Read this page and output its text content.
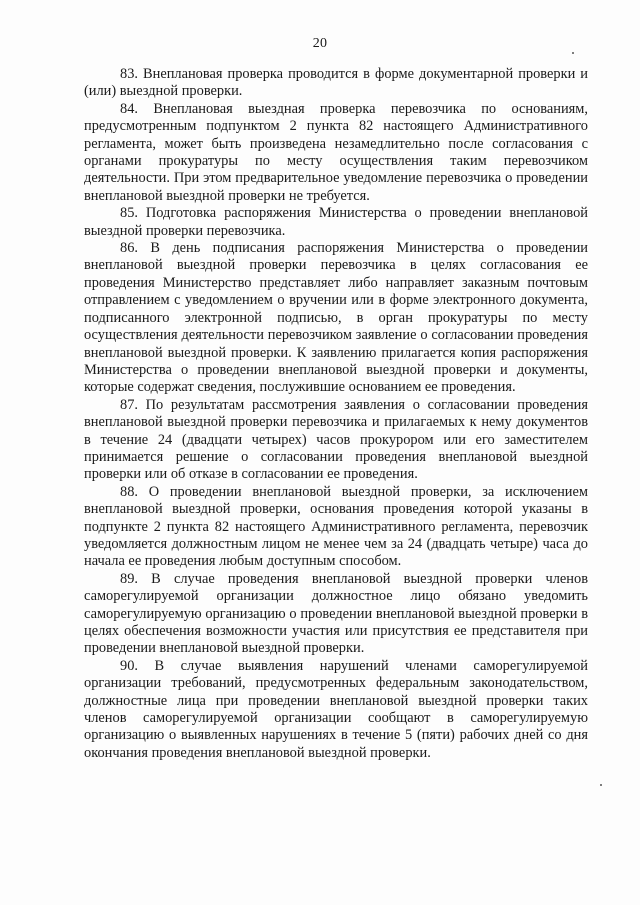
20

83. Внеплановая проверка проводится в форме документарной проверки и (или) выездной проверки.

84. Внеплановая выездная проверка перевозчика по основаниям, предусмотренным подпунктом 2 пункта 82 настоящего Административного регламента, может быть произведена незамедлительно после согласования с органами прокуратуры по месту осуществления таким перевозчиком деятельности. При этом предварительное уведомление перевозчика о проведении внеплановой выездной проверки не требуется.

85. Подготовка распоряжения Министерства о проведении внеплановой выездной проверки перевозчика.

86. В день подписания распоряжения Министерства о проведении внеплановой выездной проверки перевозчика в целях согласования ее проведения Министерство представляет либо направляет заказным почтовым отправлением с уведомлением о вручении или в форме электронного документа, подписанного электронной подписью, в орган прокуратуры по месту осуществления деятельности перевозчиком заявление о согласовании проведения внеплановой выездной проверки. К заявлению прилагается копия распоряжения Министерства о проведении внеплановой выездной проверки и документы, которые содержат сведения, послужившие основанием ее проведения.

87. По результатам рассмотрения заявления о согласовании проведения внеплановой выездной проверки перевозчика и прилагаемых к нему документов в течение 24 (двадцати четырех) часов прокурором или его заместителем принимается решение о согласовании проведения внеплановой выездной проверки или об отказе в согласовании ее проведения.

88. О проведении внеплановой выездной проверки, за исключением внеплановой выездной проверки, основания проведения которой указаны в подпункте 2 пункта 82 настоящего Административного регламента, перевозчик уведомляется должностным лицом не менее чем за 24 (двадцать четыре) часа до начала ее проведения любым доступным способом.

89. В случае проведения внеплановой выездной проверки членов саморегулируемой организации должностное лицо обязано уведомить саморегулируемую организацию о проведении внеплановой выездной проверки в целях обеспечения возможности участия или присутствия ее представителя при проведении внеплановой выездной проверки.

90. В случае выявления нарушений членами саморегулируемой организации требований, предусмотренных федеральным законодательством, должностные лица при проведении внеплановой выездной проверки таких членов саморегулируемой организации сообщают в саморегулируемую организацию о выявленных нарушениях в течение 5 (пяти) рабочих дней со дня окончания проведения внеплановой выездной проверки.
